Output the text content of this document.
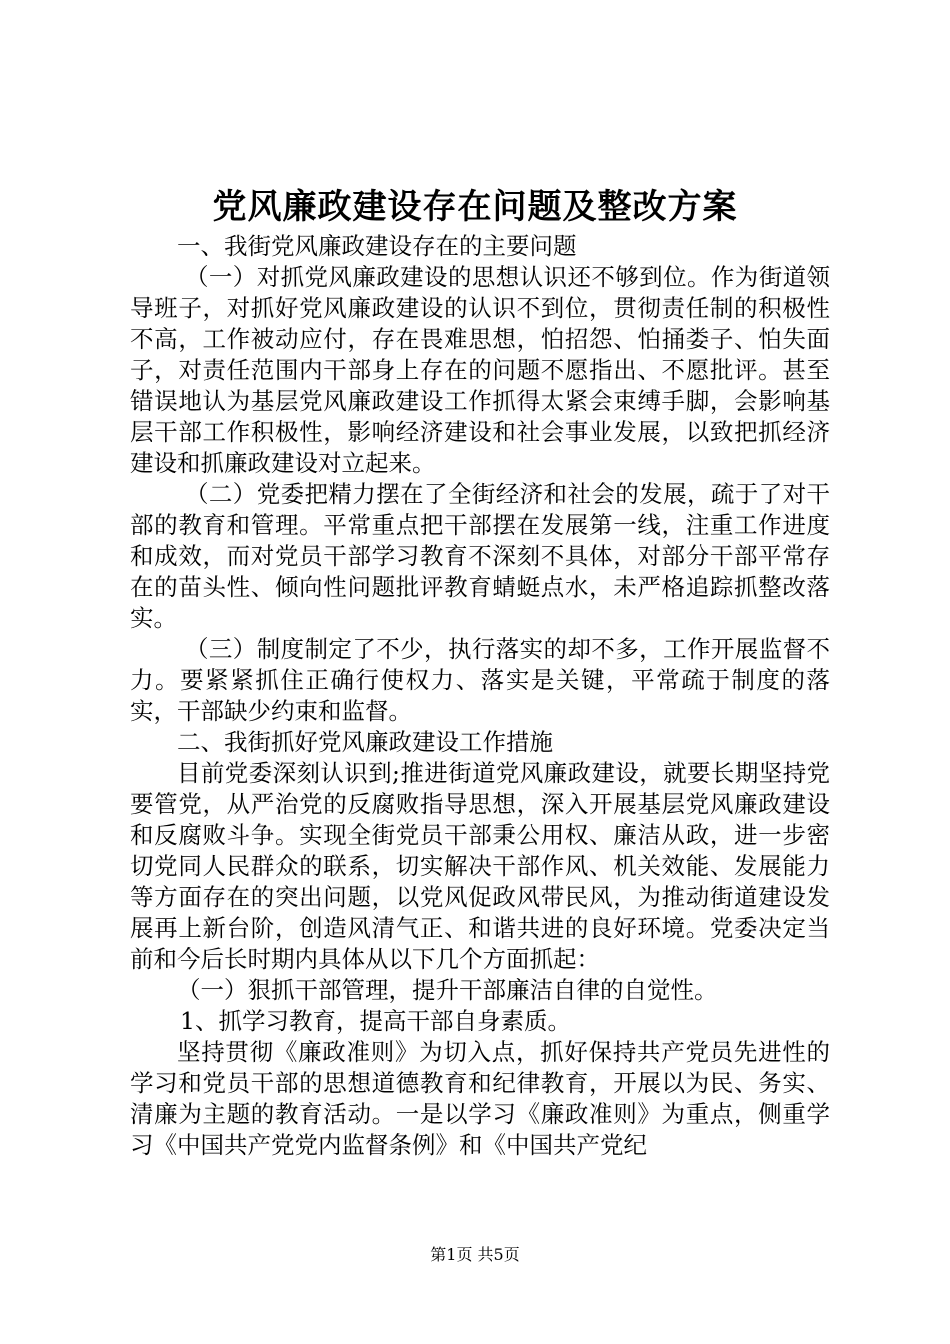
党风廉政建设存在问题及整改方案

一、我街党风廉政建设存在的主要问题

（一）对抓党风廉政建设的思想认识还不够到位。作为街道领导班子，对抓好党风廉政建设的认识不到位，贯彻责任制的积极性不高，工作被动应付，存在畏难思想，怕招怨、怕捅娄子、怕失面子，对责任范围内干部身上存在的问题不愿指出、不愿批评。甚至错误地认为基层党风廉政建设工作抓得太紧会束缚手脚，会影响基层干部工作积极性，影响经济建设和社会事业发展，以致把抓经济建设和抓廉政建设对立起来。

（二）党委把精力摆在了全街经济和社会的发展，疏于了对干部的教育和管理。平常重点把干部摆在发展第一线，注重工作进度和成效，而对党员干部学习教育不深刻不具体，对部分干部平常存在的苗头性、倾向性问题批评教育蜻蜓点水，未严格追踪抓整改落实。

（三）制度制定了不少，执行落实的却不多，工作开展监督不力。要紧紧抓住正确行使权力、落实是关键，平常疏于制度的落实，干部缺少约束和监督。

二、我街抓好党风廉政建设工作措施

目前党委深刻认识到;推进街道党风廉政建设，就要长期坚持党要管党，从严治党的反腐败指导思想，深入开展基层党风廉政建设和反腐败斗争。实现全街党员干部秉公用权、廉洁从政，进一步密切党同人民群众的联系，切实解决干部作风、机关效能、发展能力等方面存在的突出问题，以党风促政风带民风，为推动街道建设发展再上新台阶，创造风清气正、和谐共进的良好环境。党委决定当前和今后长时期内具体从以下几个方面抓起：

（一）狠抓干部管理，提升干部廉洁自律的自觉性。

1、抓学习教育，提高干部自身素质。

坚持贯彻《廉政准则》为切入点，抓好保持共产党员先进性的学习和党员干部的思想道德教育和纪律教育，开展以为民、务实、清廉为主题的教育活动。一是以学习《廉政准则》为重点，侧重学习《中国共产党党内监督条例》和《中国共产党纪

第1页 共5页
